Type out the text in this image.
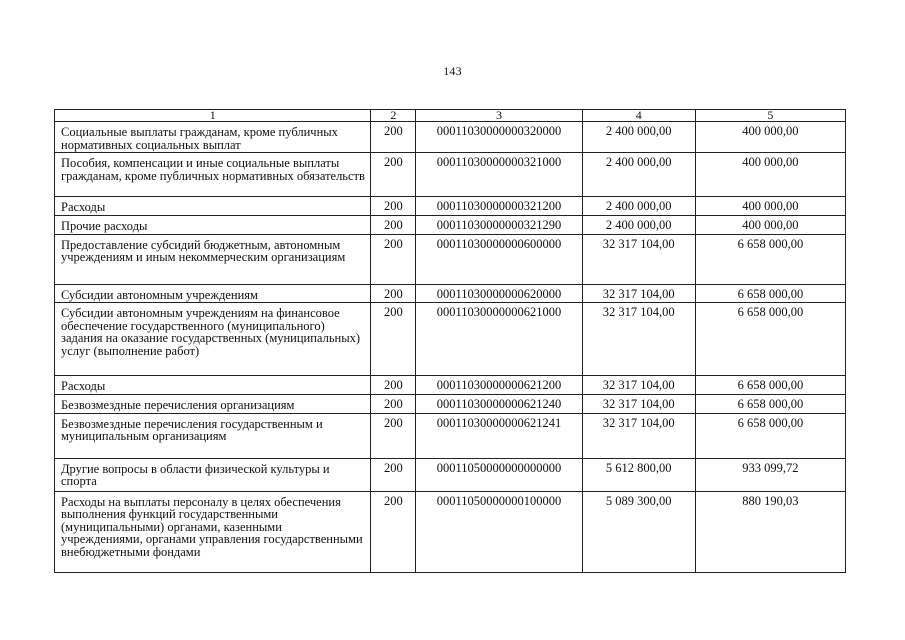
143
1	2	3	4	5
Социальные выплаты гражданам, кроме публичных нормативных социальных выплат	200	00011030000000320000	2 400 000,00	400 000,00
Пособия, компенсации и иные социальные выплаты гражданам, кроме публичных нормативных обязательств	200	00011030000000321000	2 400 000,00	400 000,00
Расходы	200	00011030000000321200	2 400 000,00	400 000,00
Прочие расходы	200	00011030000000321290	2 400 000,00	400 000,00
Предоставление субсидий бюджетным, автономным учреждениям и иным некоммерческим организациям	200	00011030000000600000	32 317 104,00	6 658 000,00
Субсидии автономным учреждениям	200	00011030000000620000	32 317 104,00	6 658 000,00
Субсидии автономным учреждениям на финансовое обеспечение государственного (муниципального) задания на оказание государственных (муниципальных) услуг (выполнение работ)	200	00011030000000621000	32 317 104,00	6 658 000,00
Расходы	200	00011030000000621200	32 317 104,00	6 658 000,00
Безвозмездные перечисления организациям	200	00011030000000621240	32 317 104,00	6 658 000,00
Безвозмездные перечисления государственным и муниципальным организациям	200	00011030000000621241	32 317 104,00	6 658 000,00
Другие вопросы в области физической культуры и спорта	200	00011050000000000000	5 612 800,00	933 099,72
Расходы на выплаты персоналу в целях обеспечения выполнения функций государственными (муниципальными) органами, казенными учреждениями, органами управления государственными внебюджетными фондами	200	00011050000000100000	5 089 300,00	880 190,03
